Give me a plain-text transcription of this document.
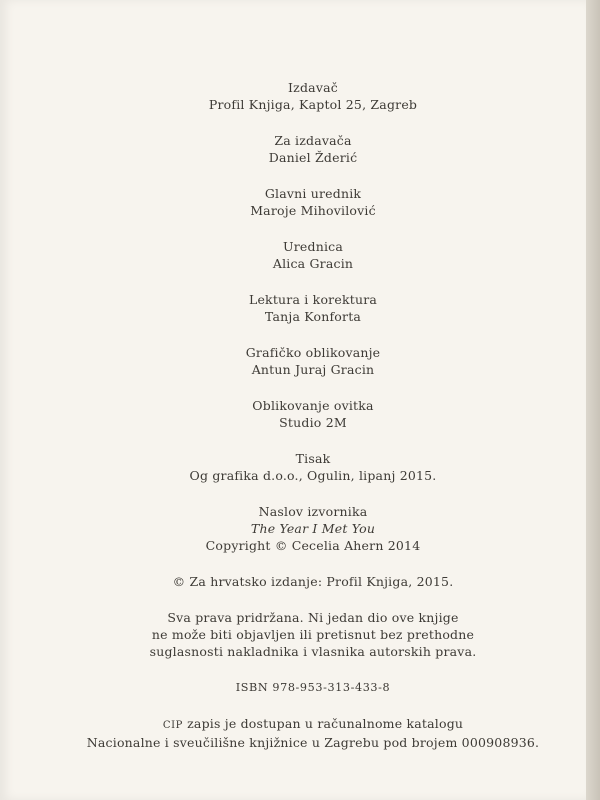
Izdavač

Profil Knjiga, Kaptol 25, Zagreb

Za izdavača

Daniel Žderić

Glavni urednik

Maroje Mihovilović

Urednica

Alica Gracin

Lektura i korektura

Tanja Konforta

Grafičko oblikovanje

Antun Juraj Gracin

Oblikovanje ovitka

Studio 2M

Tisak

Og grafika d.o.o., Ogulin, lipanj 2015.

Naslov izvornika

The Year I Met You

Copyright © Cecelia Ahern 2014

© Za hrvatsko izdanje: Profil Knjiga, 2015.

Sva prava pridržana. Ni jedan dio ove knjige

ne može biti objavljen ili pretisnut bez prethodne

suglasnosti nakladnika i vlasnika autorskih prava.

ISBN 978-953-313-433-8

CIP zapis je dostupan u računalnome katalogu

Nacionalne i sveučilišne knjižnice u Zagrebu pod brojem 000908936.
